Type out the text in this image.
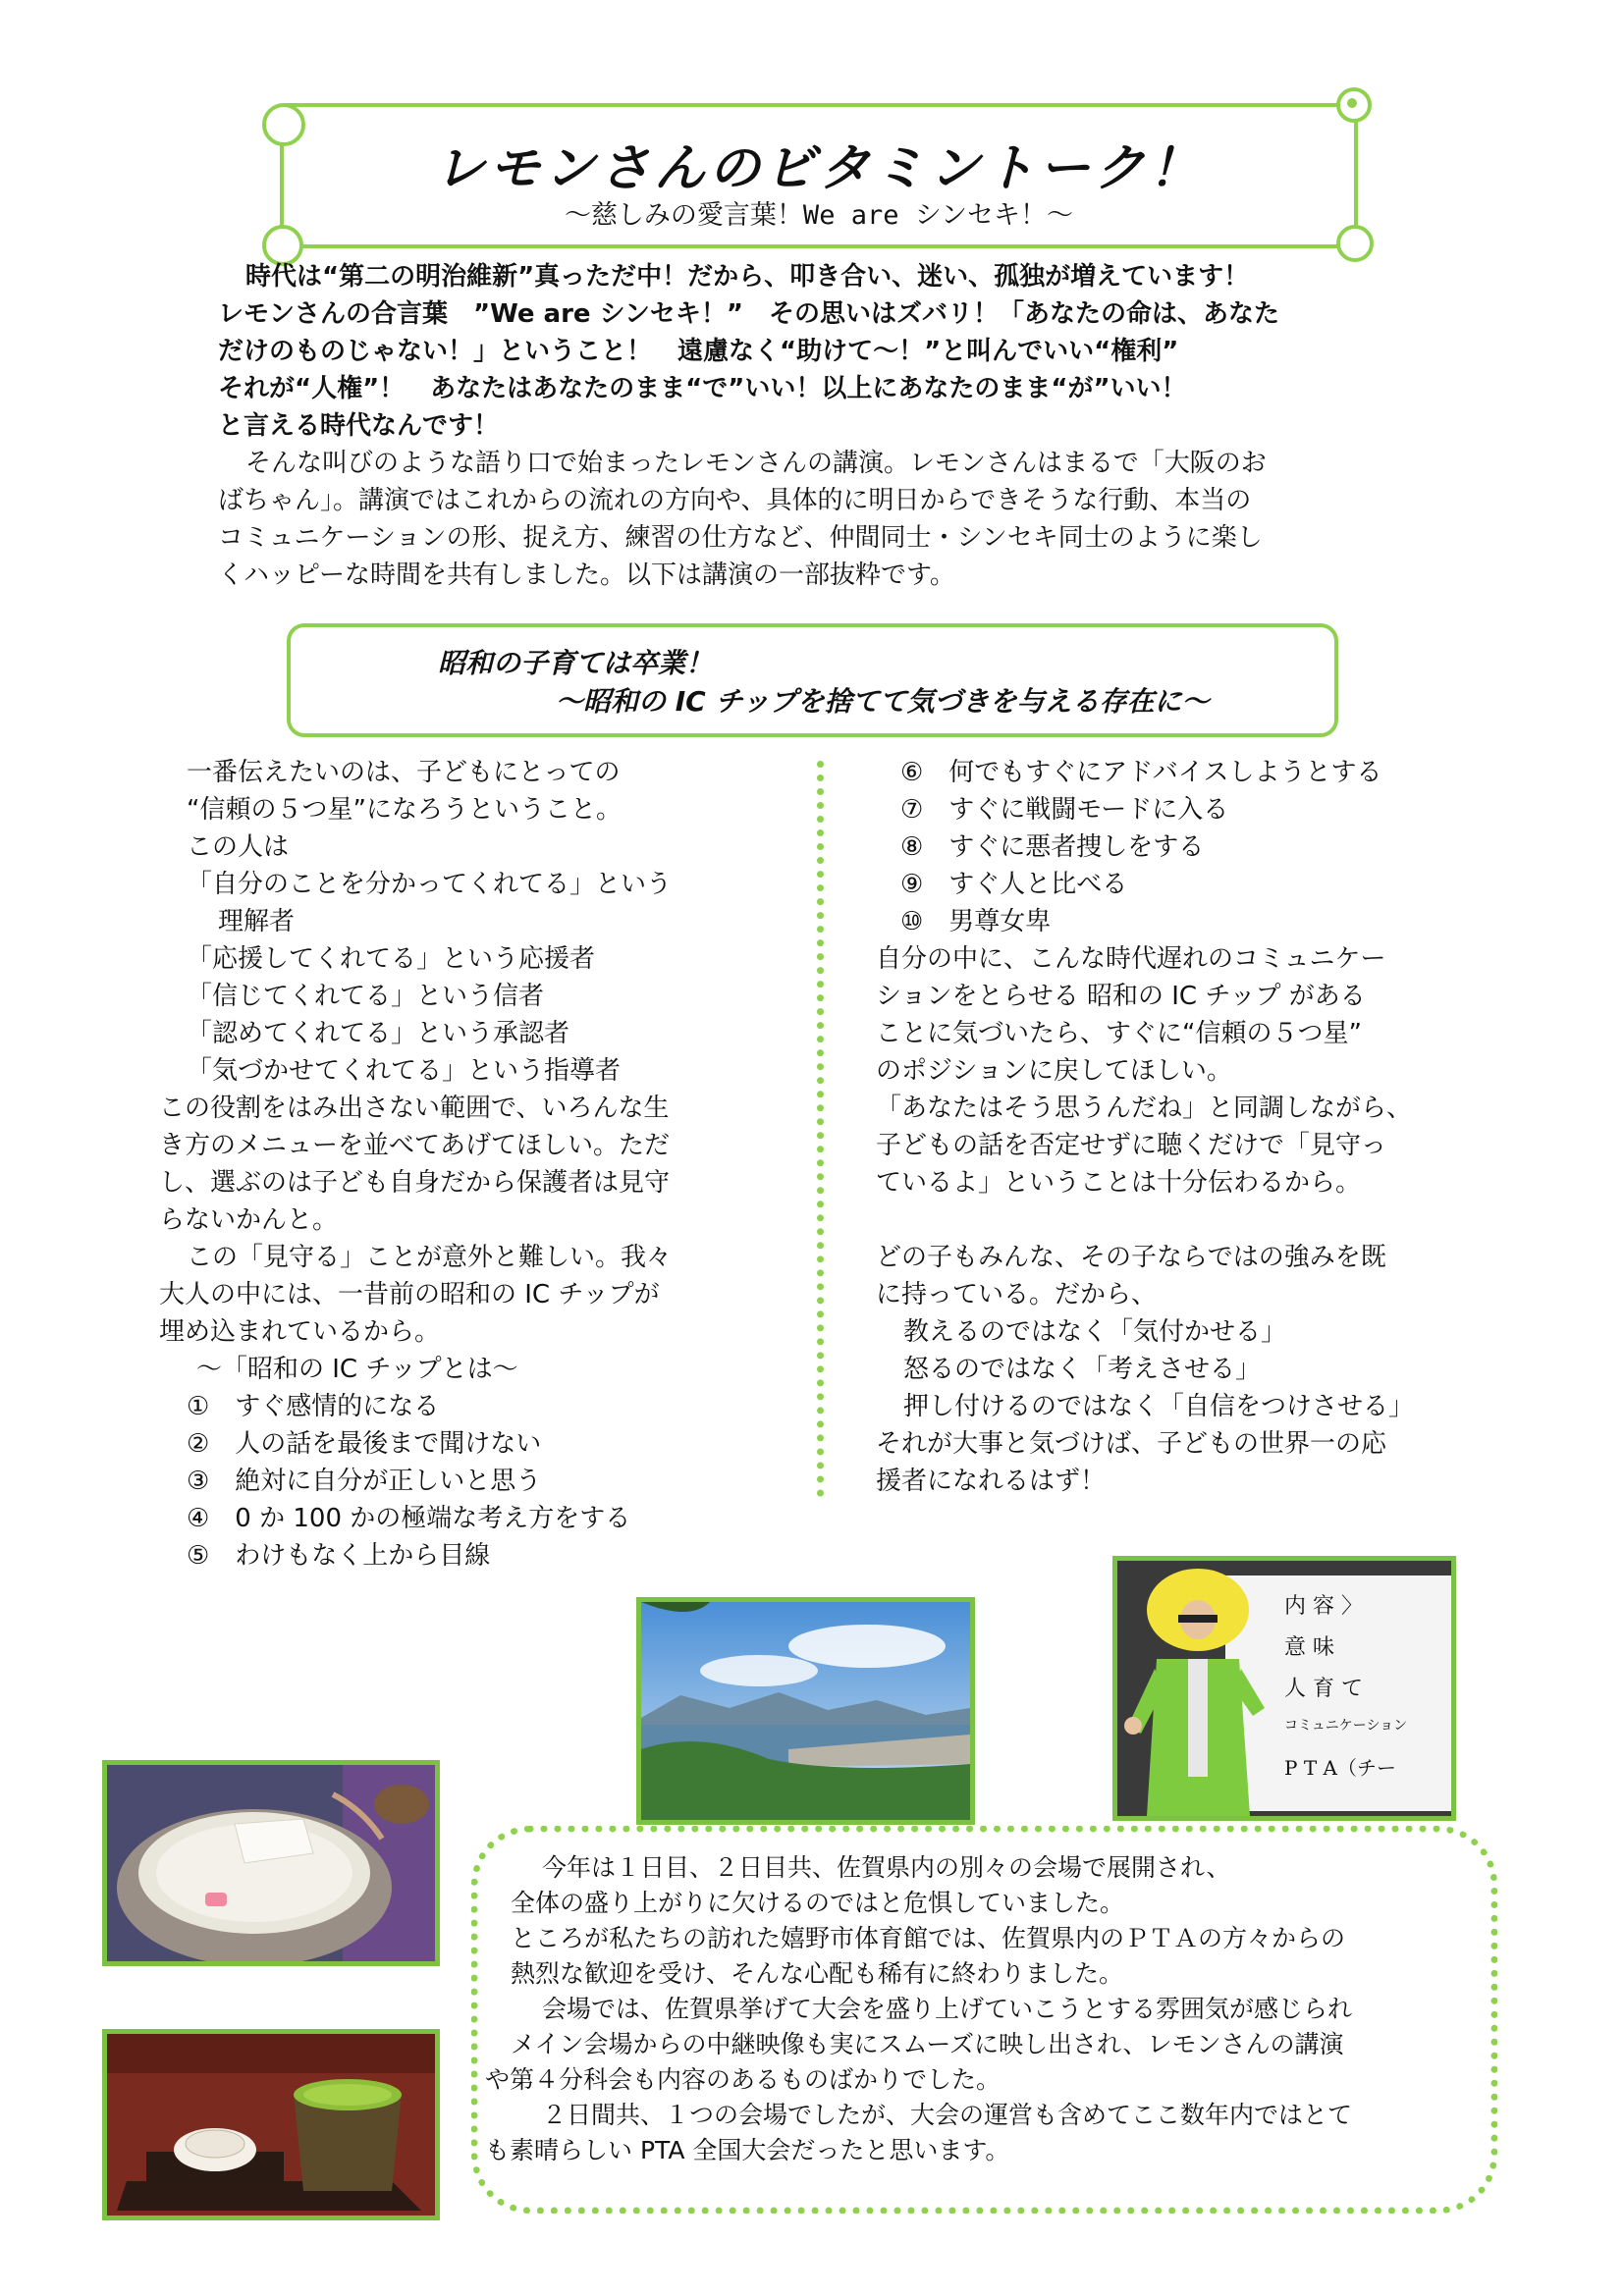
レモンさんのビタミントーク！
～慈しみの愛言葉！We are シンセキ！～
時代は“第二の明治維新”真っただ中！だから、叩き合い、迷い、孤独が増えています！
レモンさんの合言葉　”We are シンセキ！”　その思いはズバリ！「あなたの命は、あなた
だけのものじゃない！」ということ！　遠慮なく“助けて～！”と叫んでいい“権利”
それが“人権”！　あなたはあなたのまま“で”いい！以上にあなたのまま“が”いい！
と言える時代なんです！
そんな叫びのような語り口で始まったレモンさんの講演。レモンさんはまるで「大阪のお
ばちゃん」。講演ではこれからの流れの方向や、具体的に明日からできそうな行動、本当の
コミュニケーションの形、捉え方、練習の仕方など、仲間同士・シンセキ同士のように楽し
くハッピーな時間を共有しました。以下は講演の一部抜粋です。
昭和の子育ては卒業！
～昭和の IC チップを捨てて気づきを与える存在に～
一番伝えたいのは、子どもにとっての
“信頼の５つ星”になろうということ。
この人は
「自分のことを分かってくれてる」という
理解者
「応援してくれてる」という応援者
「信じてくれてる」という信者
「認めてくれてる」という承認者
「気づかせてくれてる」という指導者
この役割をはみ出さない範囲で、いろんな生
き方のメニューを並べてあげてほしい。ただ
し、選ぶのは子ども自身だから保護者は見守
らないかんと。
この「見守る」ことが意外と難しい。我々
大人の中には、一昔前の昭和の IC チップが
埋め込まれているから。
～「昭和の IC チップとは～
①　すぐ感情的になる
②　人の話を最後まで聞けない
③　絶対に自分が正しいと思う
④　0 か 100 かの極端な考え方をする
⑤　わけもなく上から目線
⑥　何でもすぐにアドバイスしようとする
⑦　すぐに戦闘モードに入る
⑧　すぐに悪者捜しをする
⑨　すぐ人と比べる
⑩　男尊女卑
自分の中に、こんな時代遅れのコミュニケー
ションをとらせる 昭和の IC チップ がある
ことに気づいたら、すぐに“信頼の５つ星”
のポジションに戻してほしい。
「あなたはそう思うんだね」と同調しながら、
子どもの話を否定せずに聴くだけで「見守っ
ているよ」ということは十分伝わるから。
どの子もみんな、その子ならではの強みを既
に持っている。だから、
教えるのではなく「気付かせる」
怒るのではなく「考えさせる」
押し付けるのではなく「自信をつけさせる」
それが大事と気づけば、子どもの世界一の応
援者になれるはず！
内 容 〉
意 味
人 育 て
コミュニケーション
P T A（チー
今年は１日目、２日目共、佐賀県内の別々の会場で展開され、
全体の盛り上がりに欠けるのではと危惧していました。
ところが私たちの訪れた嬉野市体育館では、佐賀県内のＰＴＡの方々からの
熱烈な歓迎を受け、そんな心配も稀有に終わりました。
会場では、佐賀県挙げて大会を盛り上げていこうとする雰囲気が感じられ
メイン会場からの中継映像も実にスムーズに映し出され、レモンさんの講演
や第４分科会も内容のあるものばかりでした。
２日間共、１つの会場でしたが、大会の運営も含めてここ数年内ではとて
も素晴らしい PTA 全国大会だったと思います。
